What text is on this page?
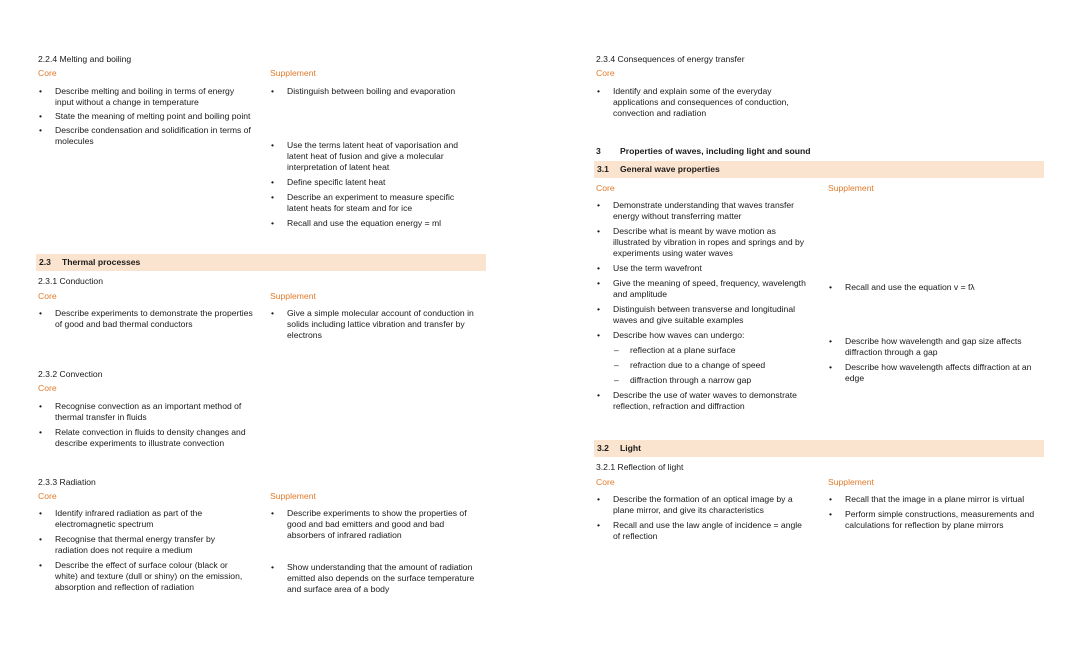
2.2.4 Melting and boiling
Core	Supplement
• Describe melting and boiling in terms of energy input without a change in temperature
• State the meaning of melting point and boiling point
• Describe condensation and solidification in terms of molecules
• Distinguish between boiling and evaporation
• Use the terms latent heat of vaporisation and latent heat of fusion and give a molecular interpretation of latent heat
• Define specific latent heat
• Describe an experiment to measure specific latent heats for steam and for ice
• Recall and use the equation energy = ml
2.3 Thermal processes
2.3.1 Conduction
Core	Supplement
• Describe experiments to demonstrate the properties of good and bad thermal conductors
• Give a simple molecular account of conduction in solids including lattice vibration and transfer by electrons
2.3.2 Convection
Core
• Recognise convection as an important method of thermal transfer in fluids
• Relate convection in fluids to density changes and describe experiments to illustrate convection
2.3.3 Radiation
Core	Supplement
• Identify infrared radiation as part of the electromagnetic spectrum
• Recognise that thermal energy transfer by radiation does not require a medium
• Describe the effect of surface colour (black or white) and texture (dull or shiny) on the emission, absorption and reflection of radiation
• Describe experiments to show the properties of good and bad emitters and good and bad absorbers of infrared radiation
• Show understanding that the amount of radiation emitted also depends on the surface temperature and surface area of a body
2.3.4 Consequences of energy transfer
Core
• Identify and explain some of the everyday applications and consequences of conduction, convection and radiation
3 Properties of waves, including light and sound
3.1 General wave properties
Core	Supplement
• Demonstrate understanding that waves transfer energy without transferring matter
• Describe what is meant by wave motion as illustrated by vibration in ropes and springs and by experiments using water waves
• Use the term wavefront
• Give the meaning of speed, frequency, wavelength and amplitude
• Distinguish between transverse and longitudinal waves and give suitable examples
• Describe how waves can undergo:
– reflection at a plane surface
– refraction due to a change of speed
– diffraction through a narrow gap
• Describe the use of water waves to demonstrate reflection, refraction and diffraction
• Recall and use the equation v = fλ
• Describe how wavelength and gap size affects diffraction through a gap
• Describe how wavelength affects diffraction at an edge
3.2 Light
3.2.1 Reflection of light
Core	Supplement
• Describe the formation of an optical image by a plane mirror, and give its characteristics
• Recall and use the law angle of incidence = angle of reflection
• Recall that the image in a plane mirror is virtual
• Perform simple constructions, measurements and calculations for reflection by plane mirrors
